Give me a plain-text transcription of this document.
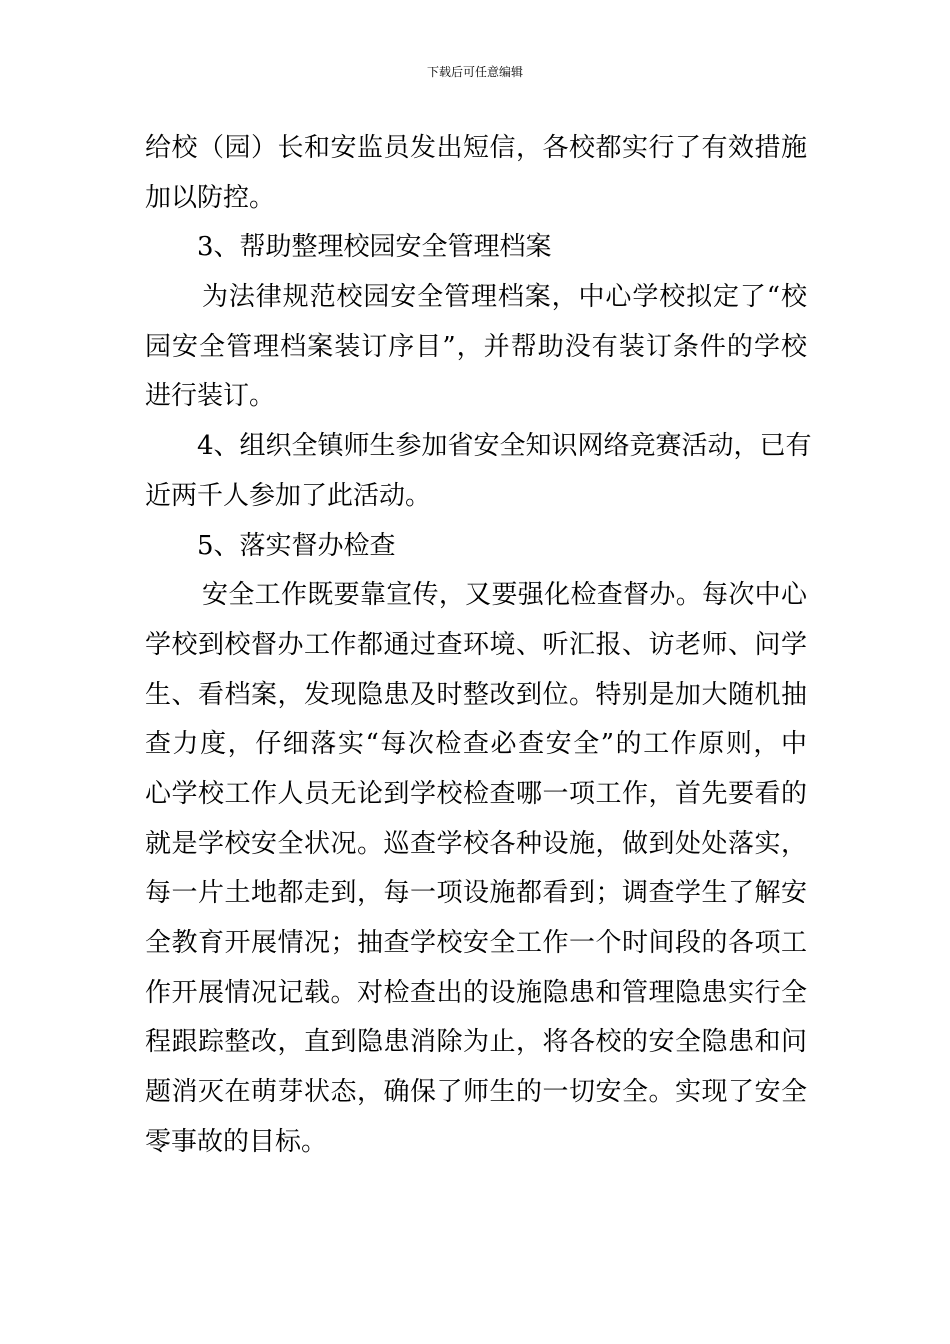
下载后可任意编辑
给校（园）长和安监员发出短信，各校都实行了有效措施
加以防控。
3、帮助整理校园安全管理档案
为法律规范校园安全管理档案，中心学校拟定了“校
园安全管理档案装订序目”，并帮助没有装订条件的学校
进行装订。
4、组织全镇师生参加省安全知识网络竞赛活动，已有
近两千人参加了此活动。
5、落实督办检查
安全工作既要靠宣传，又要强化检查督办。每次中心
学校到校督办工作都通过查环境、听汇报、访老师、问学
生、看档案，发现隐患及时整改到位。特别是加大随机抽
查力度，仔细落实“每次检查必查安全”的工作原则，中
心学校工作人员无论到学校检查哪一项工作，首先要看的
就是学校安全状况。巡查学校各种设施，做到处处落实，
每一片土地都走到，每一项设施都看到；调查学生了解安
全教育开展情况；抽查学校安全工作一个时间段的各项工
作开展情况记载。对检查出的设施隐患和管理隐患实行全
程跟踪整改，直到隐患消除为止，将各校的安全隐患和问
题消灭在萌芽状态，确保了师生的一切安全。实现了安全
零事故的目标。
